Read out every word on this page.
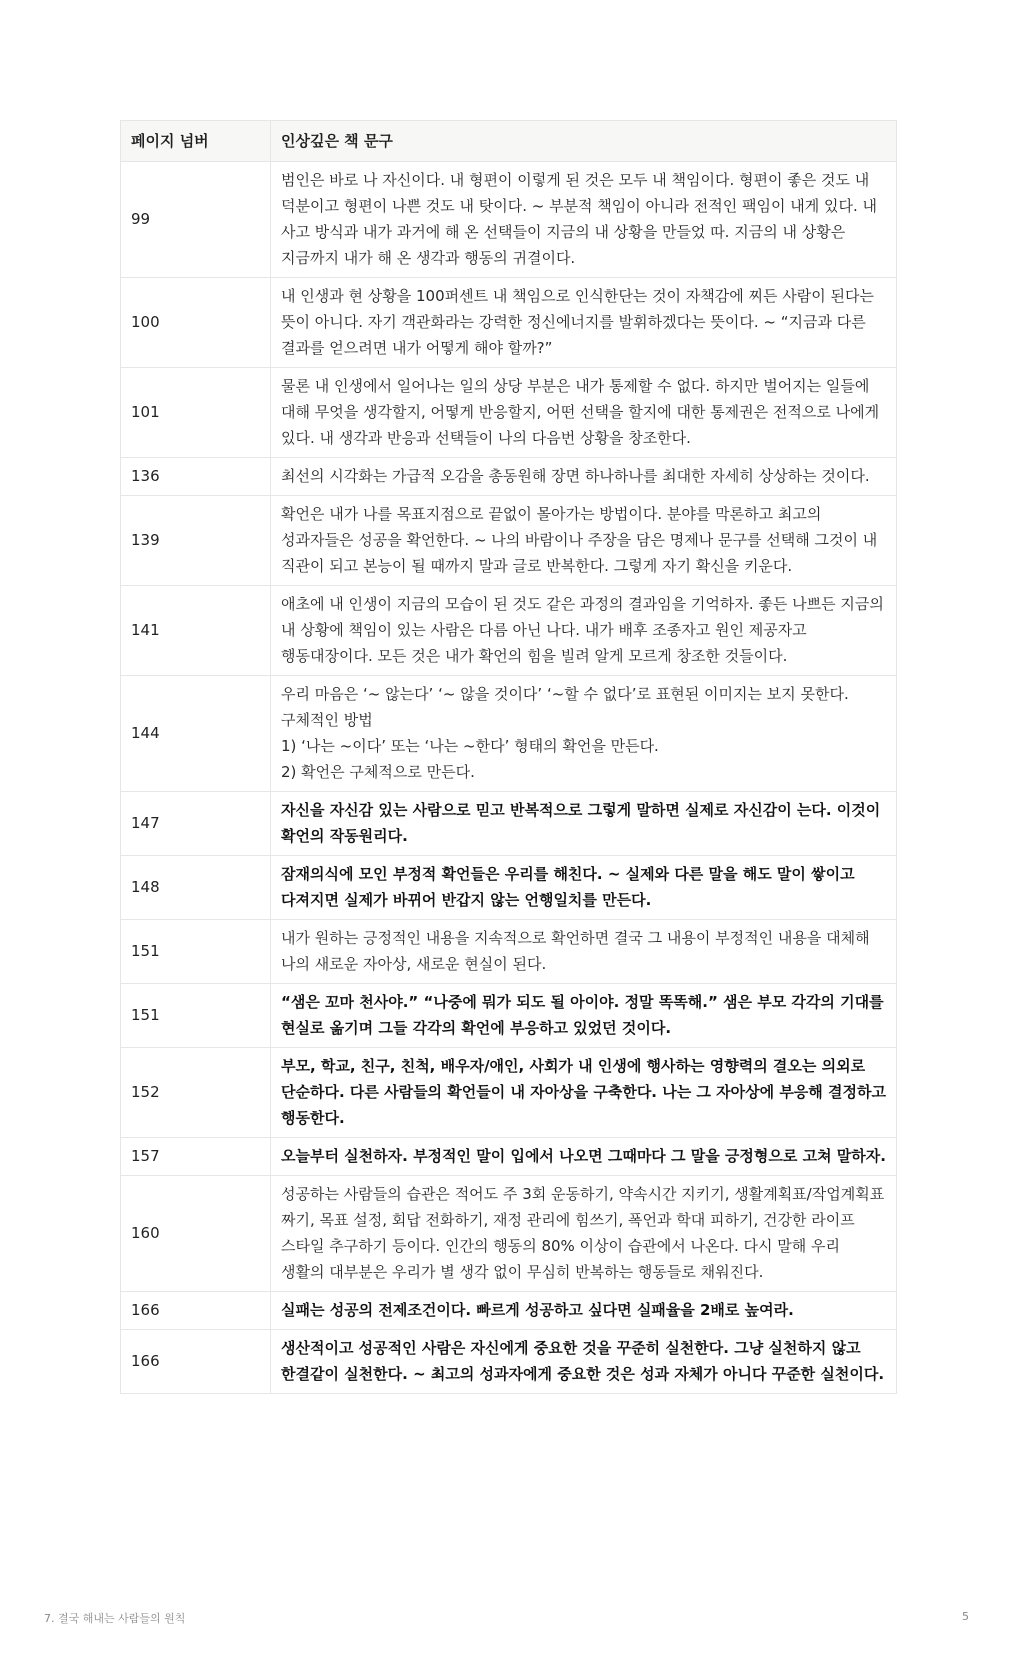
페이지 넘버	인상깊은 책 문구
99	범인은 바로 나 자신이다. 내 형편이 이렇게 된 것은 모두 내 책임이다. 형편이 좋은 것도 내 덕분이고 형편이 나쁜 것도 내 탓이다. ~ 부분적 책임이 아니라 전적인 팩임이 내게 있다. 내 사고 방식과 내가 과거에 해 온 선택들이 지금의 내 상황을 만들었 따. 지금의 내 상황은 지금까지 내가 해 온 생각과 행동의 귀결이다.
100	내 인생과 현 상황을 100퍼센트 내 책임으로 인식한단는 것이 자책감에 찌든 사람이 된다는 뜻이 아니다. 자기 객관화라는 강력한 정신에너지를 발휘하겠다는 뜻이다. ~ “지금과 다른 결과를 얻으려면 내가 어떻게 해야 할까?”
101	물론 내 인생에서 일어나는 일의 상당 부분은 내가 통제할 수 없다. 하지만 벌어지는 일들에 대해 무엇을 생각할지, 어떻게 반응할지, 어떤 선택을 할지에 대한 통제권은 전적으로 나에게 있다. 내 생각과 반응과 선택들이 나의 다음번 상황을 창조한다.
136	최선의 시각화는 가급적 오감을 총동원해 장면 하나하나를 최대한 자세히 상상하는 것이다.
139	확언은 내가 나를 목표지점으로 끝없이 몰아가는 방법이다. 분야를 막론하고 최고의 성과자들은 성공을 확언한다. ~ 나의 바람이나 주장을 담은 명제나 문구를 선택해 그것이 내 직관이 되고 본능이 될 때까지 말과 글로 반복한다. 그렇게 자기 확신을 키운다.
141	애초에 내 인생이 지금의 모습이 된 것도 같은 과정의 결과임을 기억하자. 좋든 나쁘든 지금의 내 상황에 책임이 있는 사람은 다름 아닌 나다. 내가 배후 조종자고 원인 제공자고 행동대장이다. 모든 것은 내가 확언의 힘을 빌려 알게 모르게 창조한 것들이다.
144	우리 마음은 ‘~ 않는다’ ‘~ 않을 것이다’ ‘~할 수 없다’로 표현된 이미지는 보지 못한다.
구체적인 방법
1) ‘나는 ~이다’ 또는 ‘나는 ~한다’ 형태의 확언을 만든다.
2) 확언은 구체적으로 만든다.

147	자신을 자신감 있는 사람으로 믿고 반복적으로 그렇게 말하면 실제로 자신감이 는다. 이것이 확언의 작동원리다.
148	잠재의식에 모인 부정적 확언들은 우리를 해친다. ~ 실제와 다른 말을 해도 말이 쌓이고 다져지면 실제가 바뀌어 반갑지 않는 언행일치를 만든다.
151	내가 원하는 긍정적인 내용을 지속적으로 확언하면 결국 그 내용이 부정적인 내용을 대체해 나의 새로운 자아상, 새로운 현실이 된다.
151	“샘은 꼬마 천사야.” “나중에 뭐가 되도 될 아이야. 정말 똑똑해.” 샘은 부모 각각의 기대를 현실로 옮기며 그들 각각의 확언에 부응하고 있었던 것이다.
152	부모, 학교, 친구, 친척, 배우자/애인, 사회가 내 인생에 행사하는 영향력의 결오는 의외로 단순하다. 다른 사람들의 확언들이 내 자아상을 구축한다. 나는 그 자아상에 부응해 결정하고 행동한다.
157	오늘부터 실천하자. 부정적인 말이 입에서 나오면 그때마다 그 말을 긍정형으로 고쳐 말하자.
160	성공하는 사람들의 습관은 적어도 주 3회 운동하기, 약속시간 지키기, 생활계획표/작업계획표 짜기, 목표 설정, 회답 전화하기, 재정 관리에 힘쓰기, 폭언과 학대 피하기, 건강한 라이프 스타일 추구하기 등이다. 인간의 행동의 80% 이상이 습관에서 나온다. 다시 말해 우리 생활의 대부분은 우리가 별 생각 없이 무심히 반복하는 행동들로 채워진다.
166	실패는 성공의 전제조건이다. 빠르게 성공하고 싶다면 실패율을 2배로 높여라.
166	생산적이고 성공적인 사람은 자신에게 중요한 것을 꾸준히 실천한다. 그냥 실천하지 않고 한결같이 실천한다. ~ 최고의 성과자에게 중요한 것은 성과 자체가 아니다 꾸준한 실천이다.
7. 결국 해내는 사람들의 원칙	5
